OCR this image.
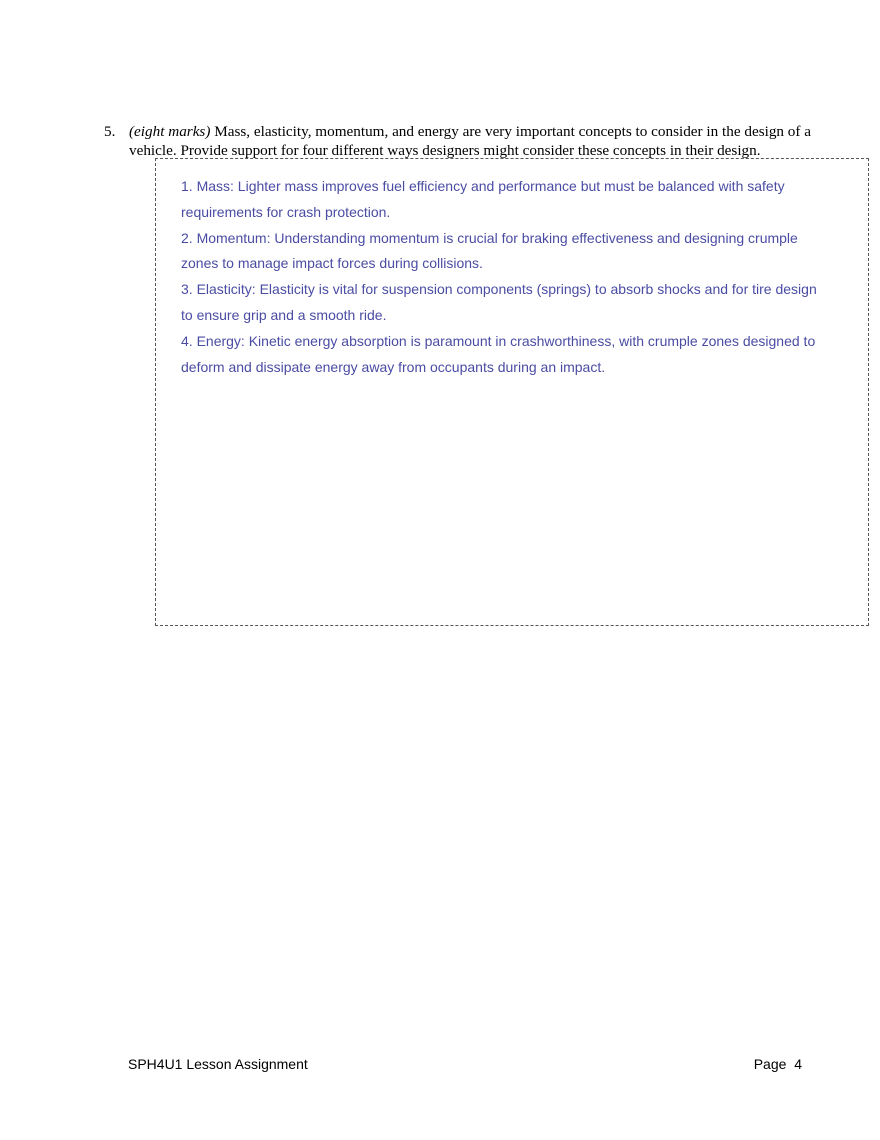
5. (eight marks) Mass, elasticity, momentum, and energy are very important concepts to consider in the design of a vehicle. Provide support for four different ways designers might consider these concepts in their design.
1. Mass: Lighter mass improves fuel efficiency and performance but must be balanced with safety requirements for crash protection.
2. Momentum: Understanding momentum is crucial for braking effectiveness and designing crumple zones to manage impact forces during collisions.
3. Elasticity: Elasticity is vital for suspension components (springs) to absorb shocks and for tire design to ensure grip and a smooth ride.
4. Energy: Kinetic energy absorption is paramount in crashworthiness, with crumple zones designed to deform and dissipate energy away from occupants during an impact.
SPH4U1 Lesson Assignment	Page 4
